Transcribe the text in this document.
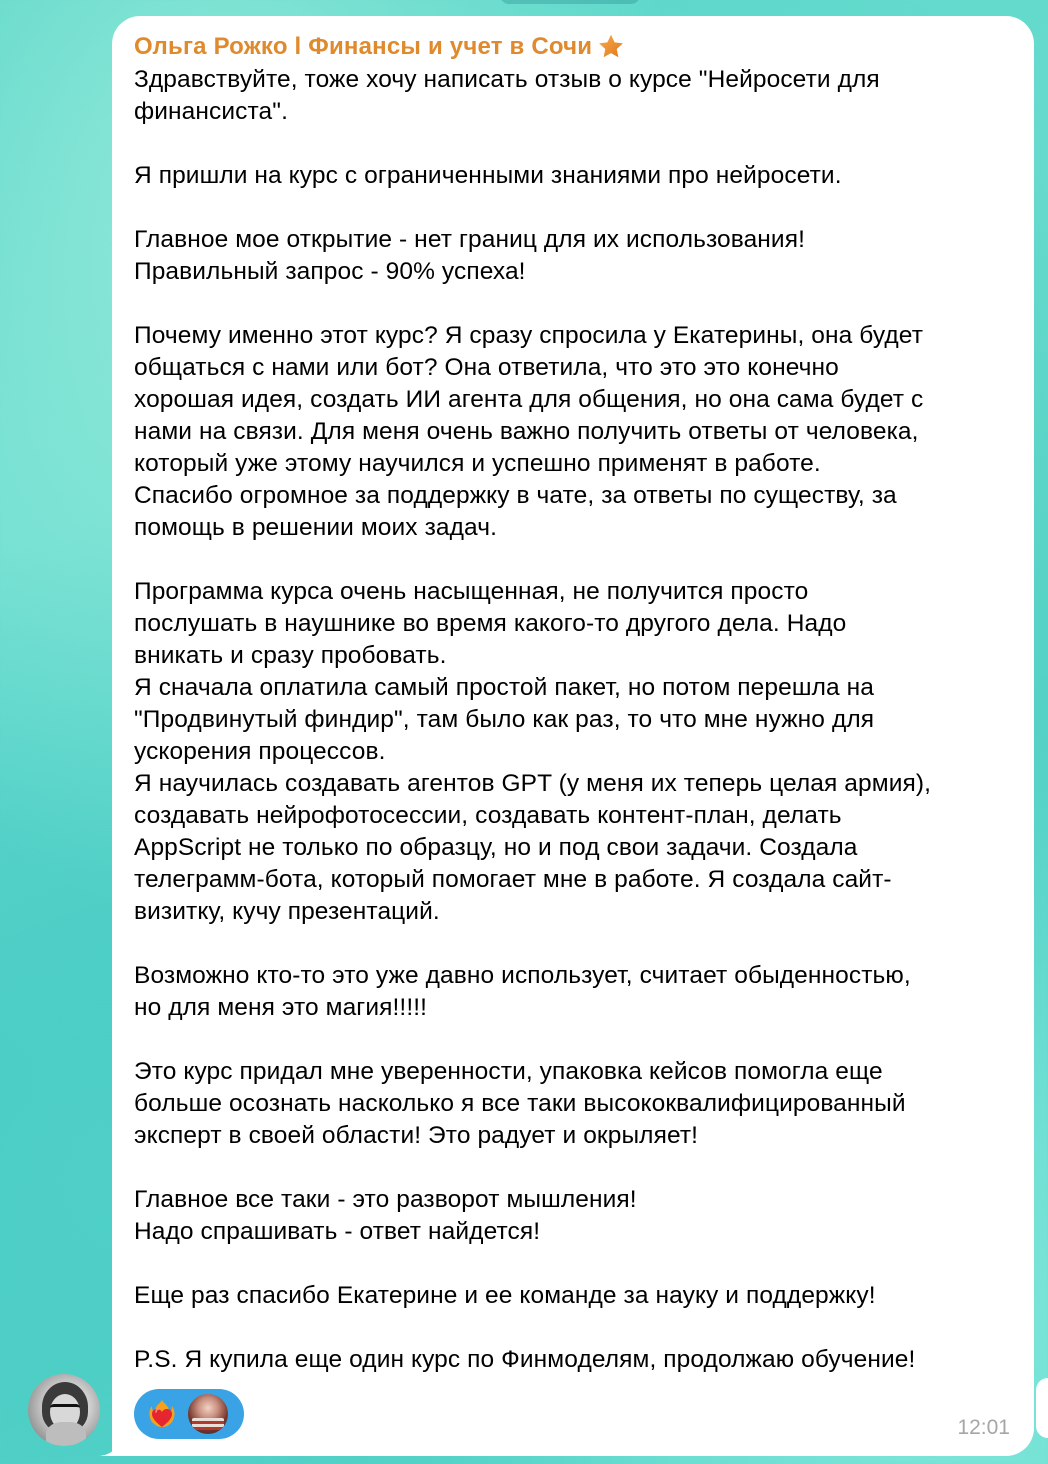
Ольга Рожко l Финансы и учет в Сочи
Здравствуйте, тоже хочу написать отзыв о курсе "Нейросети для
финансиста".
Я пришли на курс с ограниченными знаниями про нейросети.
Главное мое открытие - нет границ для их использования!
Правильный запрос - 90% успеха!
Почему именно этот курс? Я сразу спросила у Екатерины, она будет
общаться с нами или бот? Она ответила, что это это конечно
хорошая идея, создать ИИ агента для общения, но она сама будет с
нами на связи. Для меня очень важно получить ответы от человека,
который уже этому научился и успешно применят в работе.
Спасибо огромное за поддержку в чате, за ответы по существу, за
помощь в решении моих задач.
Программа курса очень насыщенная, не получится просто
послушать в наушнике во время какого-то другого дела. Надо
вникать и сразу пробовать.
Я сначала оплатила самый простой пакет, но потом перешла на
"Продвинутый финдир", там было как раз, то что мне нужно для
ускорения процессов.
Я научилась создавать агентов GPT (у меня их теперь целая армия),
создавать нейрофотосессии, создавать контент-план, делать
AppScript не только по образцу, но и под свои задачи. Создала
телеграмм-бота, который помогает мне в работе. Я создала сайт-
визитку, кучу презентаций.
Возможно кто-то это уже давно использует, считает обыденностью,
но для меня это магия!!!!!
Это курс придал мне уверенности, упаковка кейсов помогла еще
больше осознать насколько я все таки высококвалифицированный
эксперт в своей области! Это радует и окрыляет!
Главное все таки - это разворот мышления!
Надо спрашивать - ответ найдется!
Еще раз спасибо Екатерине и ее команде за науку и поддержку!
P.S. Я купила еще один курс по Финмоделям, продолжаю обучение!
12:01
